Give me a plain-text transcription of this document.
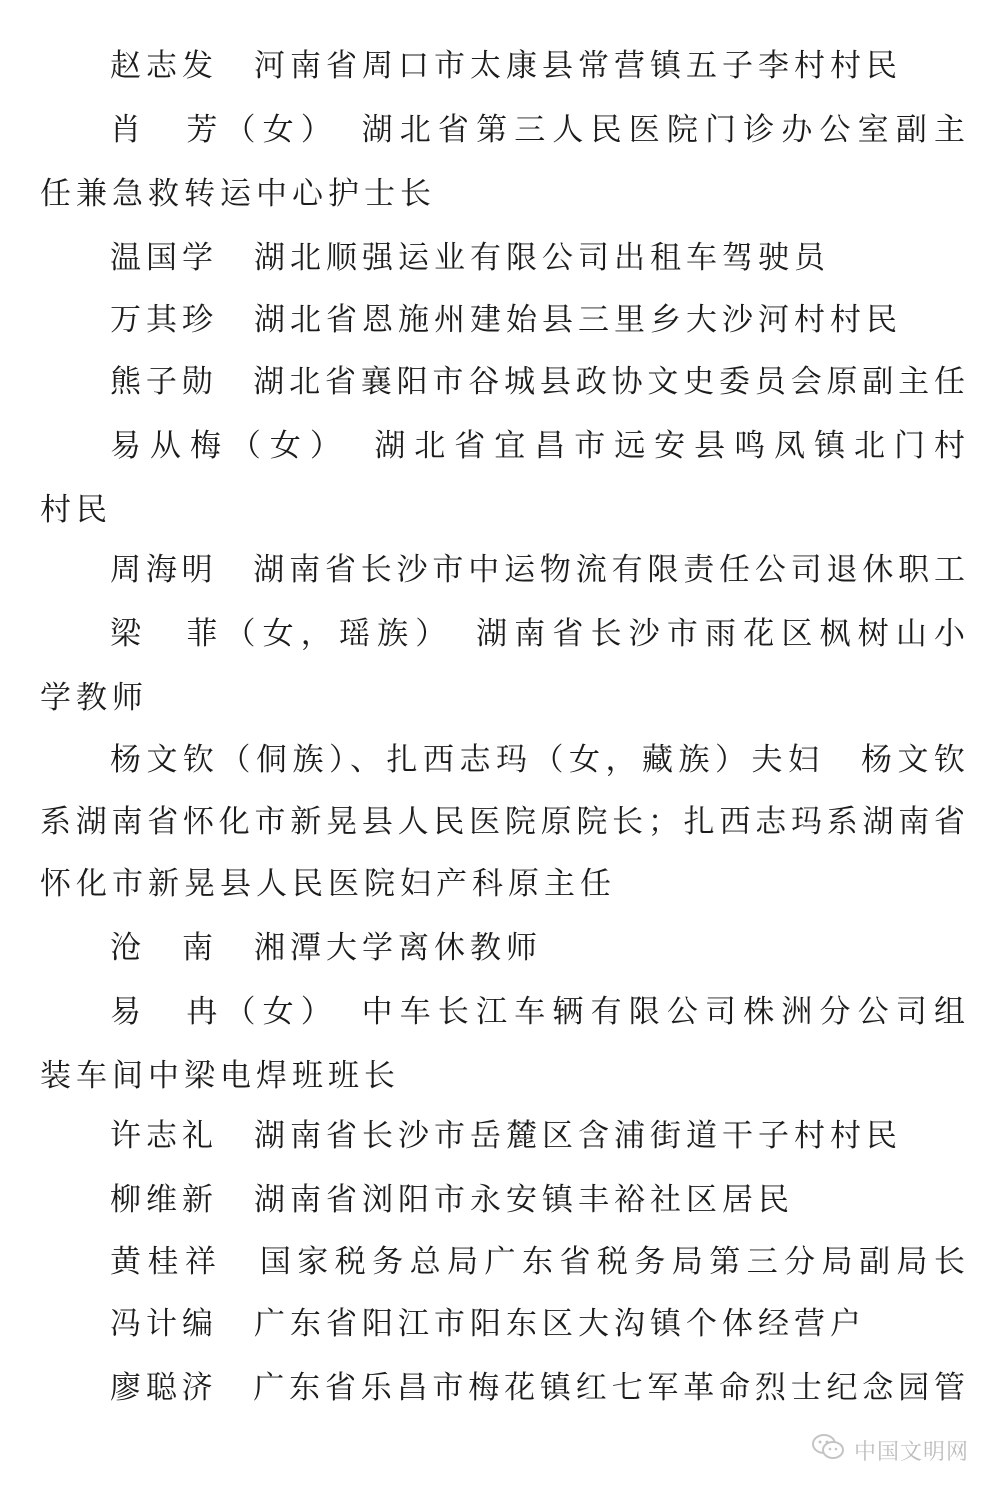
赵志发　河南省周口市太康县常营镇五子李村村民
肖　芳（女）　湖北省第三人民医院门诊办公室副主
任兼急救转运中心护士长
温国学　湖北顺强运业有限公司出租车驾驶员
万其珍　湖北省恩施州建始县三里乡大沙河村村民
熊子勋　湖北省襄阳市谷城县政协文史委员会原副主任
易从梅（女）　湖北省宜昌市远安县鸣凤镇北门村
村民
周海明　湖南省长沙市中运物流有限责任公司退休职工
梁　菲（女，瑶族）　湖南省长沙市雨花区枫树山小
学教师
杨文钦（侗族）、扎西志玛（女，藏族）夫妇　杨文钦
系湖南省怀化市新晃县人民医院原院长；扎西志玛系湖南省
怀化市新晃县人民医院妇产科原主任
沧　南　湘潭大学离休教师
易　冉（女）　中车长江车辆有限公司株洲分公司组
装车间中梁电焊班班长
许志礼　湖南省长沙市岳麓区含浦街道干子村村民
柳维新　湖南省浏阳市永安镇丰裕社区居民
黄桂祥　国家税务总局广东省税务局第三分局副局长
冯计编　广东省阳江市阳东区大沟镇个体经营户
廖聪济　广东省乐昌市梅花镇红七军革命烈士纪念园管
中国文明网
